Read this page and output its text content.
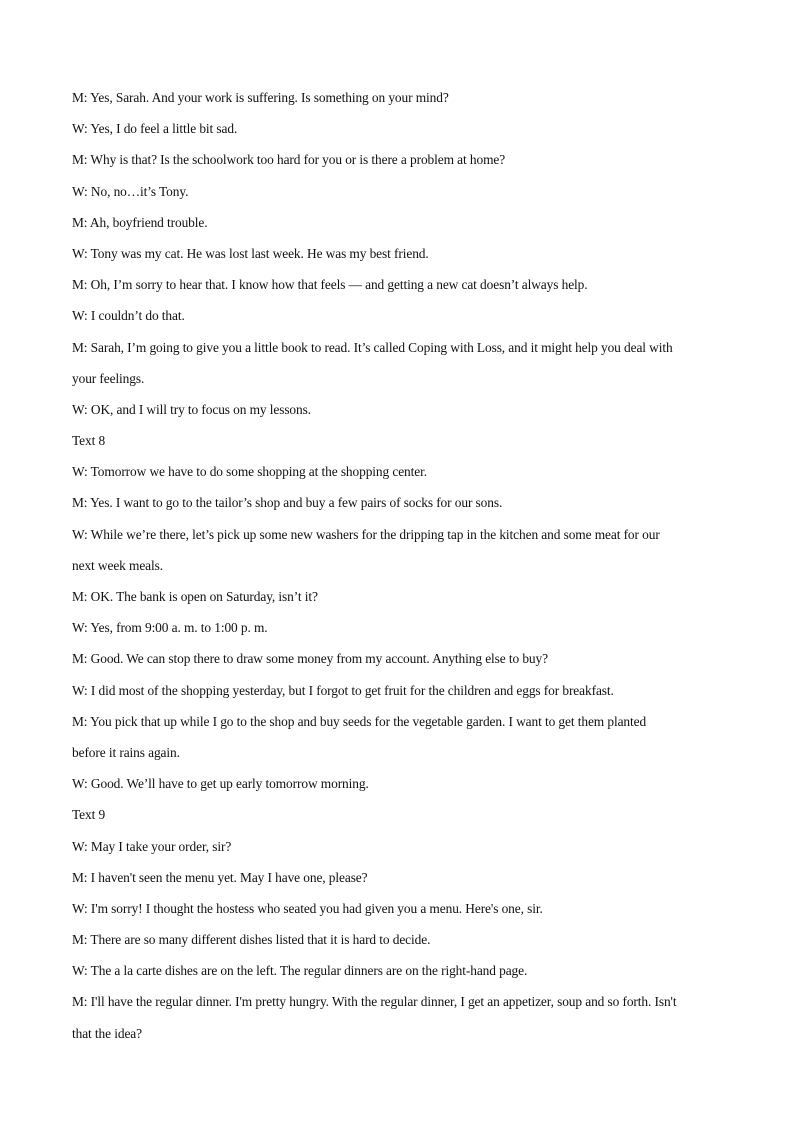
M: Yes, Sarah. And your work is suffering. Is something on your mind?
W: Yes, I do feel a little bit sad.
M: Why is that? Is the schoolwork too hard for you or is there a problem at home?
W: No, no…it’s Tony.
M: Ah, boyfriend trouble.
W: Tony was my cat. He was lost last week. He was my best friend.
M: Oh, I’m sorry to hear that. I know how that feels — and getting a new cat doesn’t always help.
W: I couldn’t do that.
M: Sarah, I’m going to give you a little book to read. It’s called Coping with Loss, and it might help you deal with
your feelings.
W: OK, and I will try to focus on my lessons.
Text 8
W: Tomorrow we have to do some shopping at the shopping center.
M: Yes. I want to go to the tailor’s shop and buy a few pairs of socks for our sons.
W: While we’re there, let’s pick up some new washers for the dripping tap in the kitchen and some meat for our
next week meals.
M: OK. The bank is open on Saturday, isn’t it?
W: Yes, from 9:00 a. m. to 1:00 p. m.
M: Good. We can stop there to draw some money from my account. Anything else to buy?
W: I did most of the shopping yesterday, but I forgot to get fruit for the children and eggs for breakfast.
M: You pick that up while I go to the shop and buy seeds for the vegetable garden. I want to get them planted
before it rains again.
W: Good. We’ll have to get up early tomorrow morning.
Text 9
W: May I take your order, sir?
M: I haven't seen the menu yet. May I have one, please?
W: I'm sorry! I thought the hostess who seated you had given you a menu. Here's one, sir.
M: There are so many different dishes listed that it is hard to decide.
W: The a la carte dishes are on the left. The regular dinners are on the right-hand page.
M: I'll have the regular dinner. I'm pretty hungry. With the regular dinner, I get an appetizer, soup and so forth. Isn't
that the idea?
